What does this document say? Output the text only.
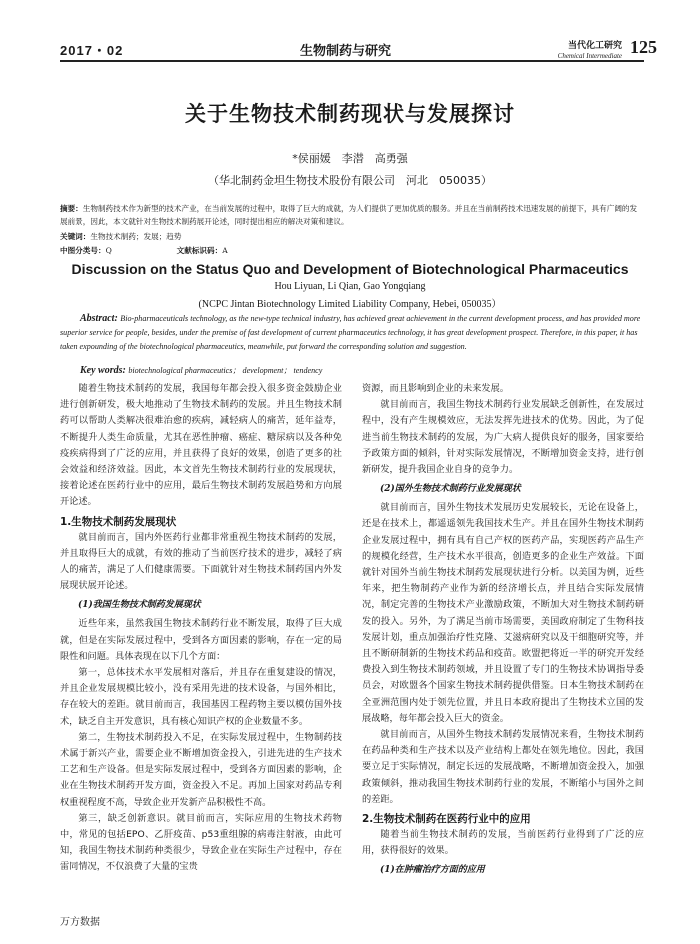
2017・02	生物制药与研究	当代化工研究
Chemical Intermediate 125
关于生物技术制药现状与发展探讨
*侯丽媛　李潜　高勇强
（华北制药金坦生物技术股份有限公司　河北　050035）
摘要：生物制药技术作为新型的技术产业，在当前发展的过程中，取得了巨大的成就，为人们提供了更加优质的服务。并且在当前制药技术迅速发展的前提下，具有广阔的发展前景，因此，本文就针对生物技术制药展开论述，同时提出相应的解决对策和建议。
关键词：生物技术制药；发展；趋势
中图分类号：Q	文献标识码：A
Discussion on the Status Quo and Development of Biotechnological Pharmaceutics
Hou Liyuan, Li Qian, Gao Yongqiang
(NCPC Jintan Biotechnology Limited Liability Company, Hebei, 050035）
Abstract: Bio-pharmaceuticals technology, as the new-type technical industry, has achieved great achievement in the current development process, and has provided more superior service for people, besides, under the premise of fast development of current pharmaceutics technology, it has great development prospect. Therefore, in this paper, it has taken expounding of the biotechnological pharmaceutics, meanwhile, put forward the corresponding solution and suggestion.
Key words: biotechnological pharmaceutics； development； tendency

随着生物技术制药的发展，我国每年都会投入很多资金鼓励企业进行创新研发，极大地推动了生物技术制药的发展。并且生物技术制药可以帮助人类解决很难治愈的疾病，减轻病人的痛苦，延年益寿，不断提升人类生命质量，尤其在恶性肿瘤、癌症、糖尿病以及各种免疫疾病得到了广泛的应用，并且获得了良好的效果，创造了更多的社会效益和经济效益。因此，本文首先生物技术制药行业的发展现状，接着论述在医药行业中的应用，最后生物技术制药发展趋势和方向展开论述。

1.生物技术制药发展现状

就目前而言，国内外医药行业都非常重视生物技术制药的发展，并且取得巨大的成就，有效的推动了当前医疗技术的进步，减轻了病人的痛苦，满足了人们健康需要。下面就针对生物技术制药国内外发展现状展开论述。

(1)我国生物技术制药发展现状

近些年来，虽然我国生物技术制药行业不断发展，取得了巨大成就，但是在实际发展过程中，受到各方面因素的影响，存在一定的局限性和问题。具体表现在以下几个方面：

第一，总体技术水平发展相对落后，并且存在重复建设的情况，并且企业发展规模比较小，没有采用先进的技术设备，与国外相比，存在较大的差距。就目前而言，我国基因工程药物主要以模仿国外技术，缺乏自主开发意识，具有核心知识产权的企业数量不多。

第二，生物技术制药投入不足，在实际发展过程中，生物制药技术属于新兴产业，需要企业不断增加资金投入，引进先进的生产技术工艺和生产设备。但是实际发展过程中，受到各方面因素的影响，企业在生物技术制药开发方面，资金投入不足。再加上国家对药品专利权重视程度不高，导致企业开发新产品积极性不高。

第三，缺乏创新意识。就目前而言，实际应用的生物技术药物中，常见的包括EPO、乙肝疫苗、p53重组腺的病毒注射液，由此可知，我国生物技术制药种类很少，导致企业在实际生产过程中，存在雷同情况，不仅浪费了大量的宝贵

资源，而且影响到企业的未来发展。

就目前而言，我国生物技术制药行业发展缺乏创新性，在发展过程中，没有产生规模效应，无法发挥先进技术的优势。因此，为了促进当前生物技术制药的发展，为广大病人提供良好的服务，国家要给予政策方面的倾斜，针对实际发展情况，不断增加资金支持，进行创新研发，提升我国企业自身的竞争力。

(2)国外生物技术制药行业发展现状

就目前而言，国外生物技术发展历史发展较长，无论在设备上，还是在技术上，都遥遥领先我国技术生产。并且在国外生物技术制药企业发展过程中，拥有具有自己产权的医药产品，实现医药产品生产的规模化经营，生产技术水平很高，创造更多的企业生产效益。下面就针对国外当前生物技术制药发展现状进行分析。以美国为例，近些年来，把生物制药产业作为新的经济增长点，并且结合实际发展情况，制定完善的生物技术产业激励政策，不断加大对生物技术制药研发的投入。另外，为了满足当前市场需要，美国政府制定了生物科技发展计划，重点加强治疗性克隆、艾滋病研究以及干细胞研究等，并且不断研制新的生物技术药品和疫苗。欧盟把将近一半的研究开发经费投入到生物技术制药领域，并且设置了专门的生物技术协调指导委员会，对欧盟各个国家生物技术制药提供借鉴。日本生物技术制药在全亚洲范围内处于领先位置，并且日本政府提出了生物技术立国的发展战略，每年都会投入巨大的资金。

就目前而言，从国外生物技术制药发展情况来看，生物技术制药在药品种类和生产技术以及产业结构上都处在领先地位。因此，我国要立足于实际情况，制定长远的发展战略，不断增加资金投入，加强政策倾斜，推动我国生物技术制药行业的发展，不断缩小与国外之间的差距。

2.生物技术制药在医药行业中的应用

随着当前生物技术制药的发展，当前医药行业得到了广泛的应用，获得很好的效果。

(1)在肿瘤治疗方面的应用
万方数据
